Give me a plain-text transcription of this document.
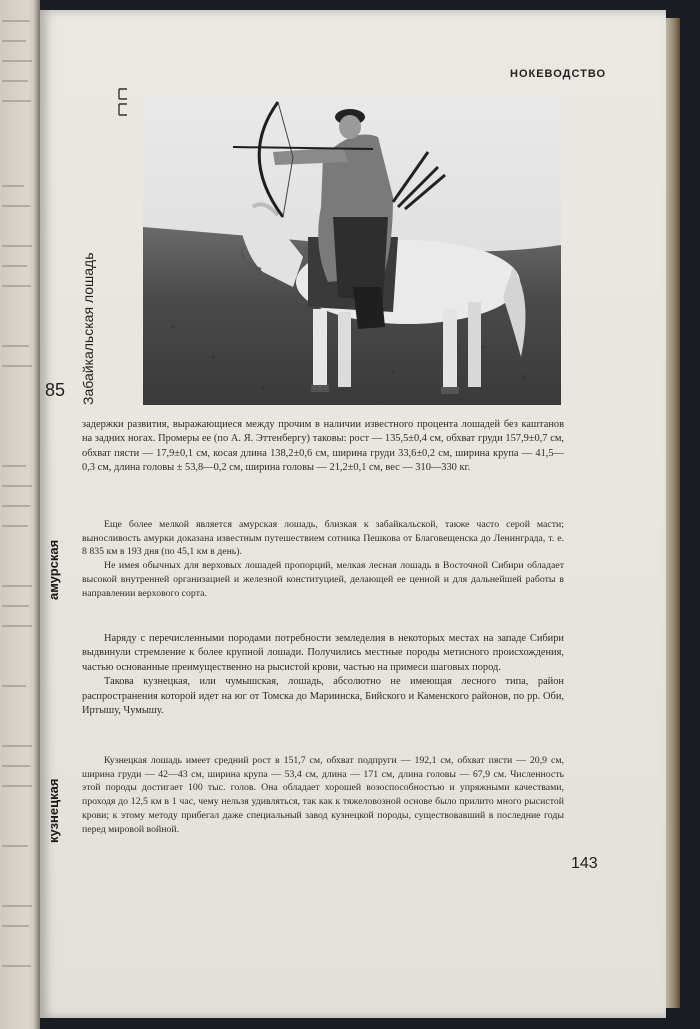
НОКЕВОДСТВО
Забайкальская лошадь
85
амурская
кузнецкая

задержки развития, выражающиеся между прочим в наличии известного процента лошадей без каштанов на задних ногах. Промеры ее (по А. Я. Эттенбергу) таковы: рост — 135,5±0,4 см, обхват груди 157,9±0,7 см, обхват пясти — 17,9±0,1 см, косая длина 138,2±0,6 см, ширина груди 33,6±0,2 см, ширина крупа — 41,5—0,3 см, длина головы ± 53,8—0,2 см, ширина головы — 21,2±0,1 см, вес — 310—330 кг.

Еще более мелкой является амурская лошадь, близкая к забайкальской, также часто серой масти; выносливость амурки доказана известным путешествием сотника Пешкова от Благовещенска до Ленинграда, т. е. 8 835 км в 193 дня (по 45,1 км в день).

Не имея обычных для верховых лошадей пропорций, мелкая лесная лошадь в Восточной Сибири обладает высокой внутренней организацией и железной конституцией, делающей ее ценной и для дальнейшей работы в направлении верхового сорта.

Наряду с перечисленными породами потребности земледелия в некоторых местах на западе Сибири выдвинули стремление к более крупной лошади. Получились местные породы метисного происхождения, частью основанные преимущественно на рысистой крови, частью на примеси шаговых пород.

Такова кузнецкая, или чумышская, лошадь, абсолютно не имеющая лесного типа, район распространения которой идет на юг от Томска до Мариинска, Бийского и Каменского районов, по рр. Оби, Иртышу, Чумышу.

Кузнецкая лошадь имеет средний рост в 151,7 см, обхват подпруги — 192,1 см, обхват пясти — 20,9 см, ширина груди — 42—43 см, ширина крупа — 53,4 см, длина — 171 см, длина головы — 67,9 см. Численность этой породы достигает 100 тыс. голов. Она обладает хорошей возоспособностью и упряжными качествами, проходя до 12,5 км в 1 час, чему нельзя удивляться, так как к тяжеловозной основе было прилито много рысистой крови; к этому методу прибегал даже специальный завод кузнецкой породы, существовавший в последние годы перед мировой войной.

143
